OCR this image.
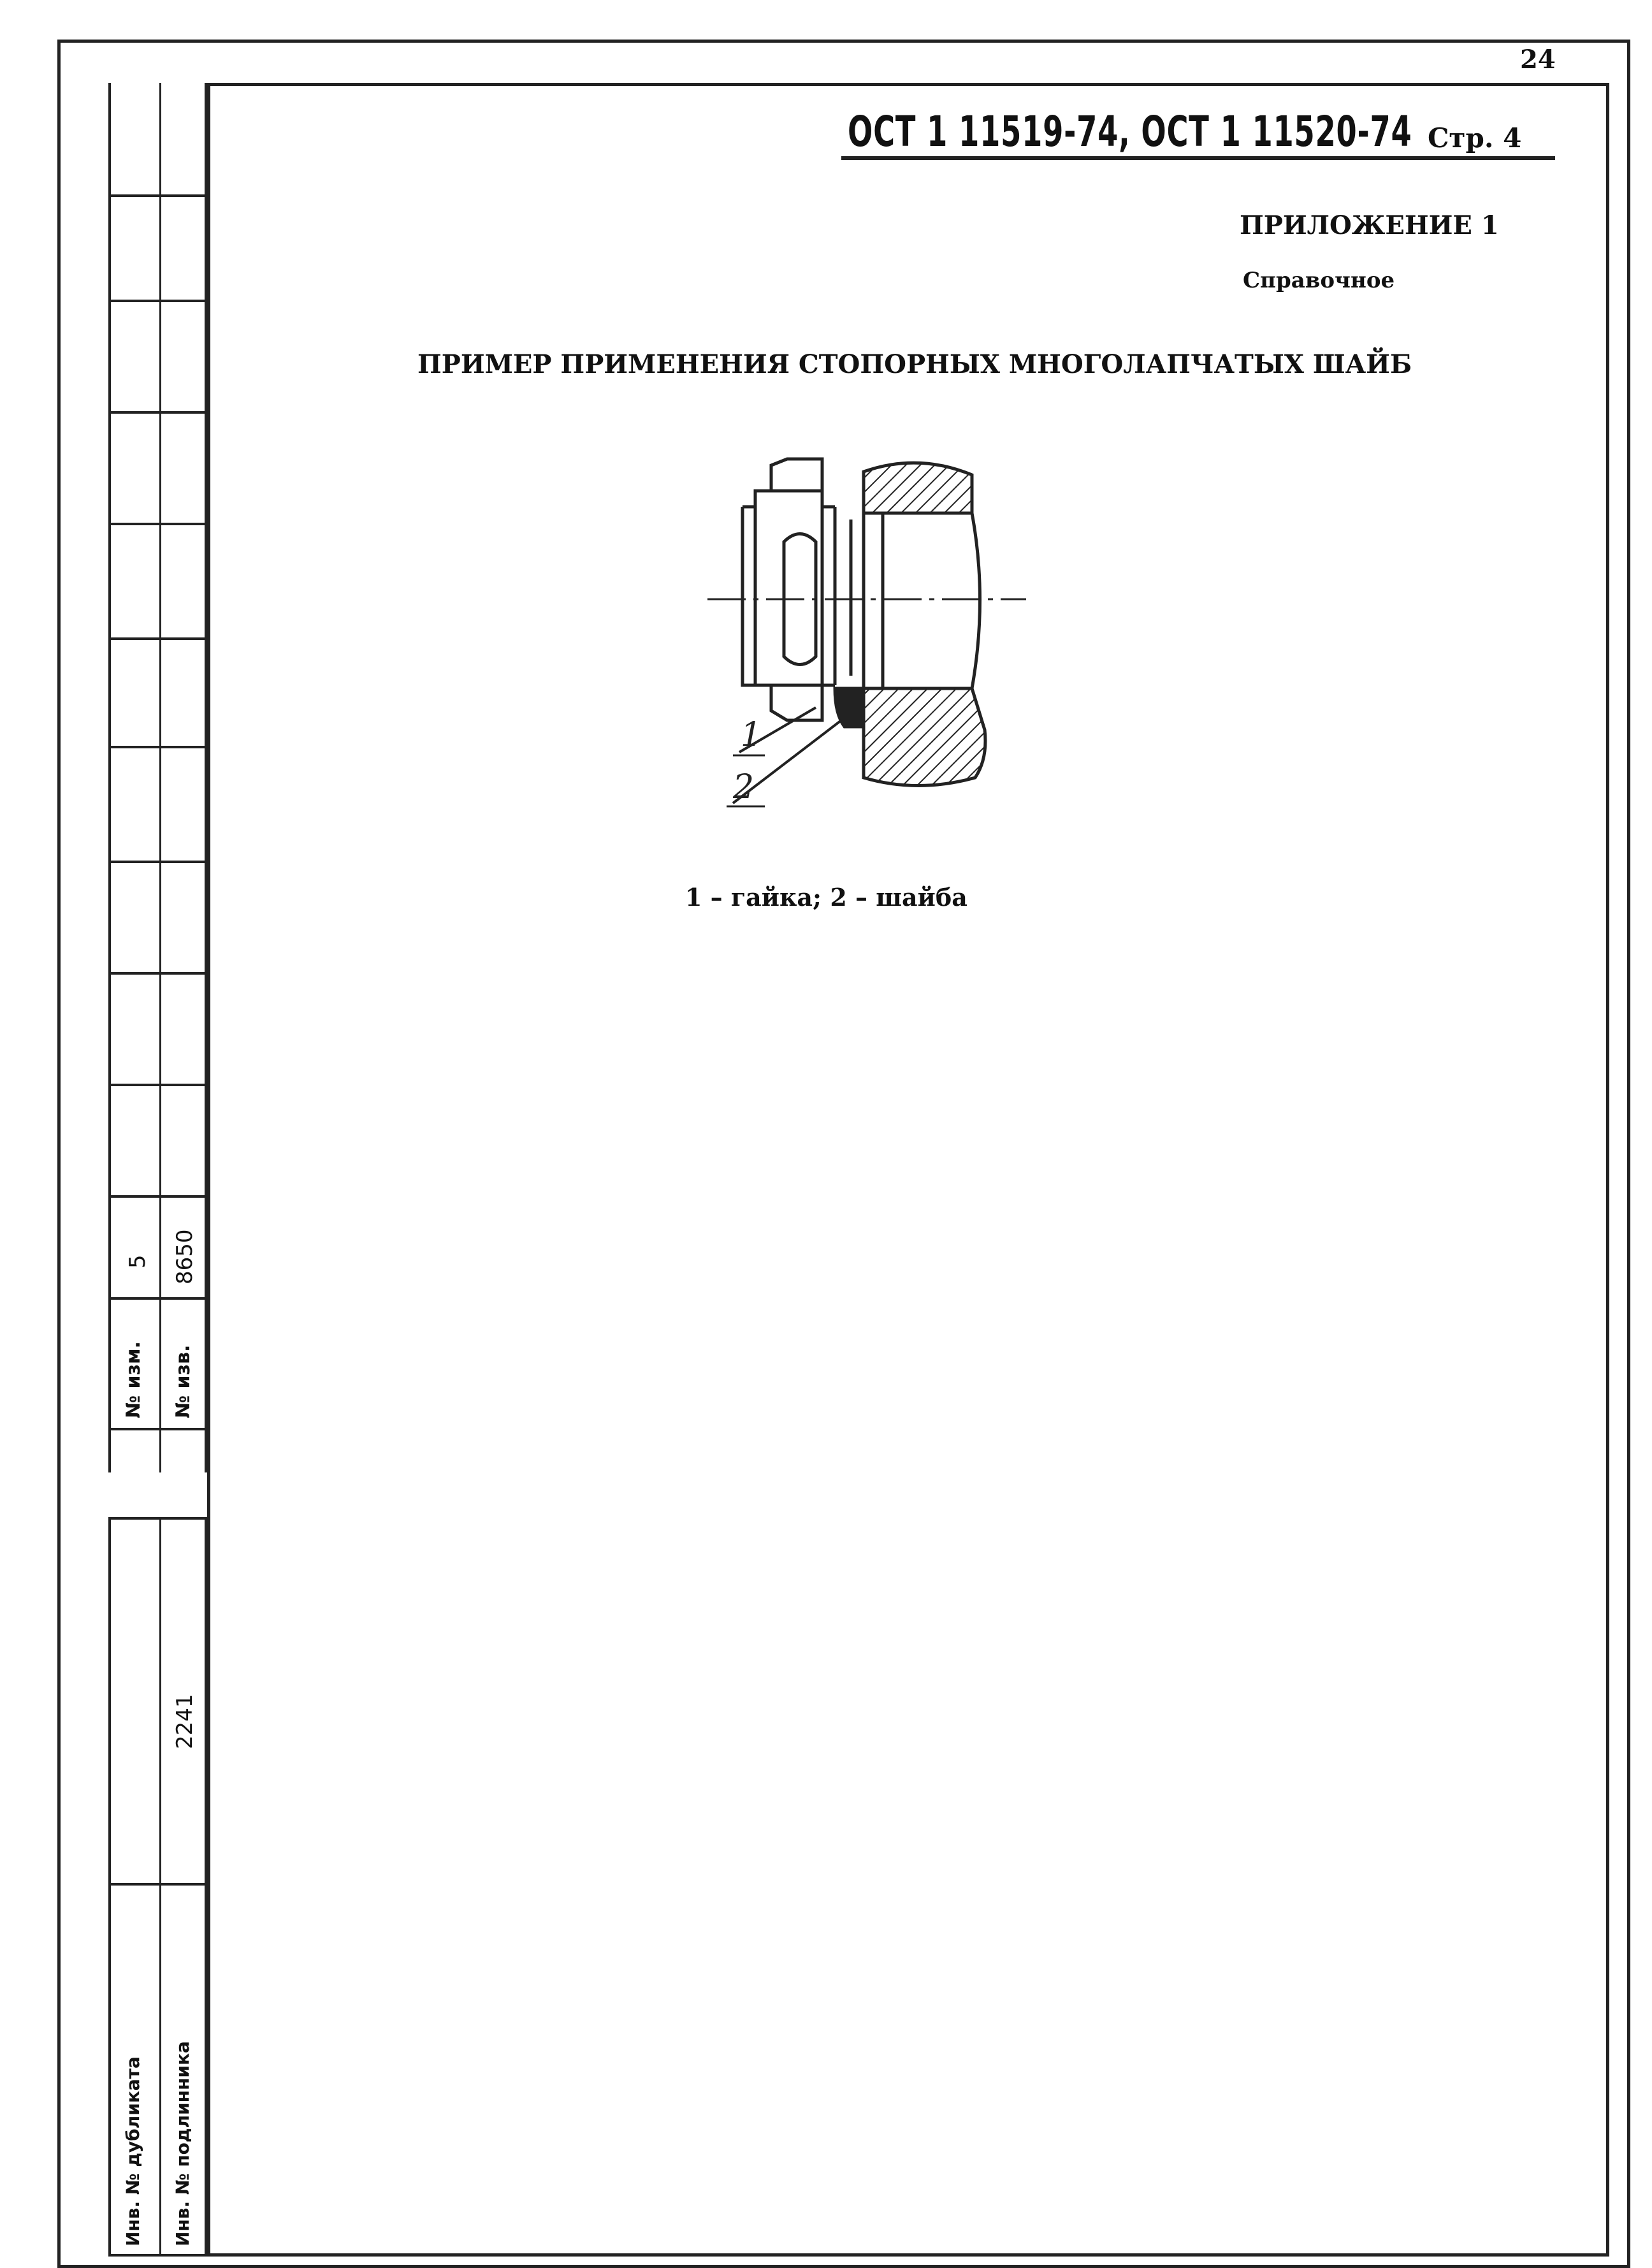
24
№ изм.
5
№ изв.
8650
Инв. № дубликата Инв. № подлинника
2241
ОСТ 1 11519-74, ОСТ 1 11520-74 Стр. 4
ПРИЛОЖЕНИЕ 1
Справочное
ПРИМЕР ПРИМЕНЕНИЯ СТОПОРНЫХ МНОГОЛАПЧАТЫХ ШАЙБ
1
2
1 – гайка; 2 – шайба
